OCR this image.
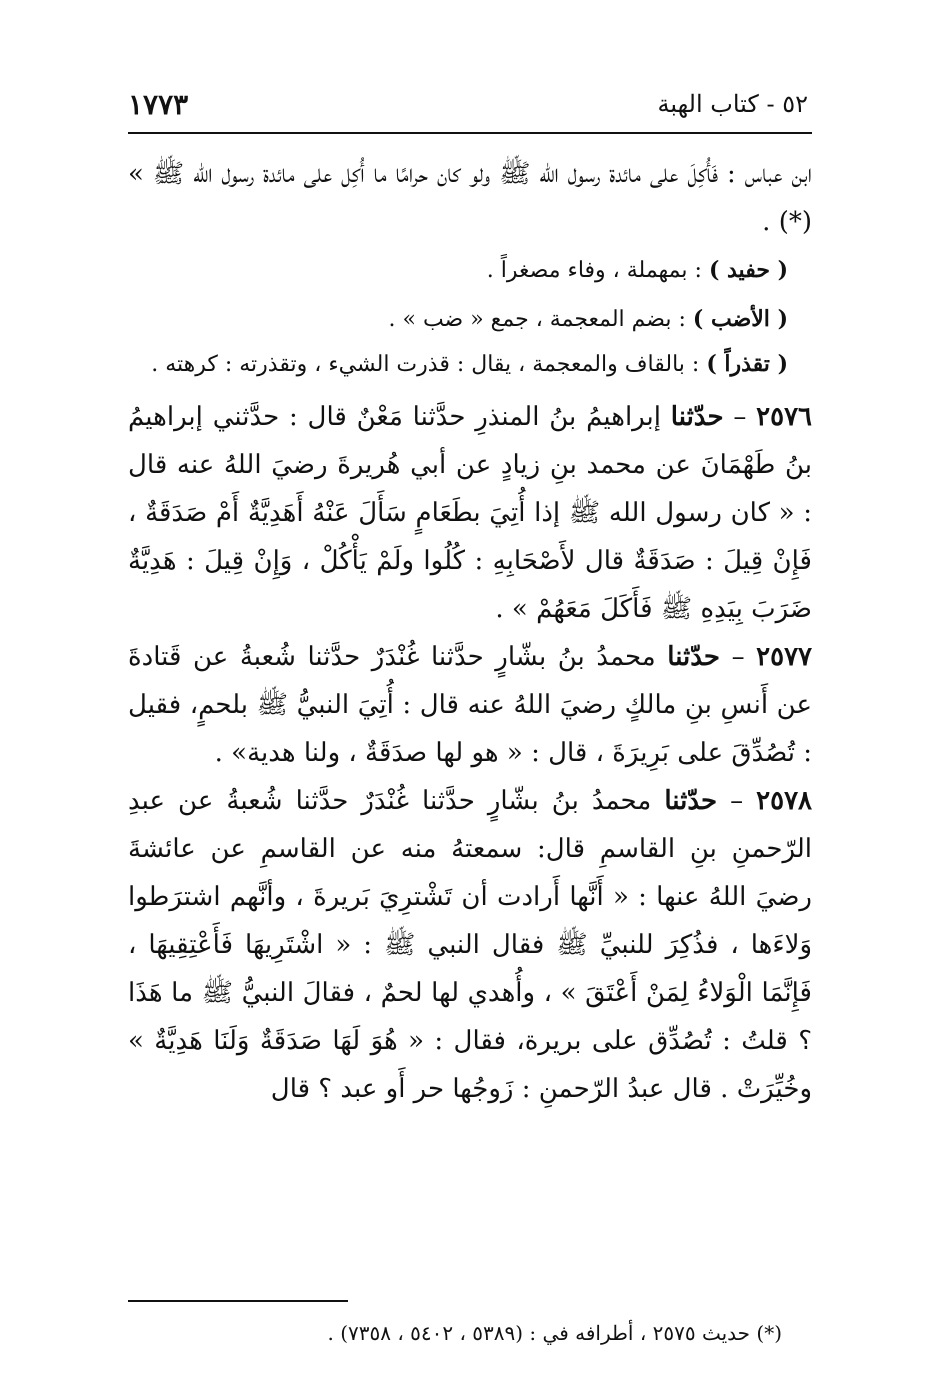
٥٢ - كتاب الهبة
١٧٧٣

ابن عباس : فَأُكِلَ على مائدة رسول الله ﷺ ولو كان حرامًا ما أُكِل على مائدة رسول الله ﷺ » (*) .

( حفيد ) : بمهملة ، وفاء مصغراً .

( الأضب ) : بضم المعجمة ، جمع « ضب » .

( تقذراً ) : بالقاف والمعجمة ، يقال : قذرت الشيء ، وتقذرته : كرهته .

٢٥٧٦ – حدّثنا إبراهيمُ بنُ المنذرِ حدَّثنا مَعْنٌ قال : حدَّثني إبراهيمُ بنُ طَهْمَانَ عن محمد بنِ زيادٍ عن أبي هُريرةَ رضيَ اللهُ عنه قال : « كان رسول الله ﷺ إذا أُتِيَ بطَعَامٍ سَأَلَ عَنْهُ أَهَدِيَّةٌ أَمْ صَدَقَةٌ ، فَإِنْ قِيلَ : صَدَقَةٌ قال لأَصْحَابِهِ : كُلُوا ولَمْ يَأْكُلْ ، وَإِنْ قِيلَ : هَدِيَّةٌ ضَرَبَ بِيَدِهِ ﷺ فَأَكَلَ مَعَهُمْ » .

٢٥٧٧ – حدّثنا محمدُ بنُ بشّارٍ حدَّثنا غُنْدَرٌ حدَّثنا شُعبةُ عن قَتادةَ عن أَنسِ بنِ مالكٍ رضيَ اللهُ عنه قال : أُتِيَ النبيُّ ﷺ بلحمٍ، فقيل : تُصُدِّقَ على بَرِيرَةَ ، قال : « هو لها صدَقَةٌ ، ولنا هدية» .

٢٥٧٨ – حدّثنا محمدُ بنُ بشّارٍ حدَّثنا غُنْدَرٌ حدَّثنا شُعبةُ عن عبدِ الرّحمنِ بنِ القاسمِ قال: سمعتهُ منه عن القاسمِ عن عائشةَ رضيَ اللهُ عنها : « أَنَّها أَرادت أن تَشْترِيَ بَريرةَ ، وأنَّهم اشترَطوا وَلاءَها ، فذُكِرَ للنبيِّ ﷺ فقال النبي ﷺ : « اشْتَرِيهَا فَأَعْتِقِيهَا ، فَإِنَّمَا الْوَلاءُ لِمَنْ أَعْتَقَ » ، وأُهدي لها لحمٌ ، فقالَ النبيُّ ﷺ ما هَذَا ؟ قلتُ : تُصُدِّق على بريرة، فقال : « هُوَ لَهَا صَدَقَةٌ وَلَنَا هَدِيَّةٌ » وخُيِّرَتْ . قال عبدُ الرّحمنِ : زَوجُها حر أَو عبد ؟ قال

(*) حديث ٢٥٧٥ ، أطرافه في : (٥٣٨٩ ، ٥٤٠٢ ، ٧٣٥٨) .
